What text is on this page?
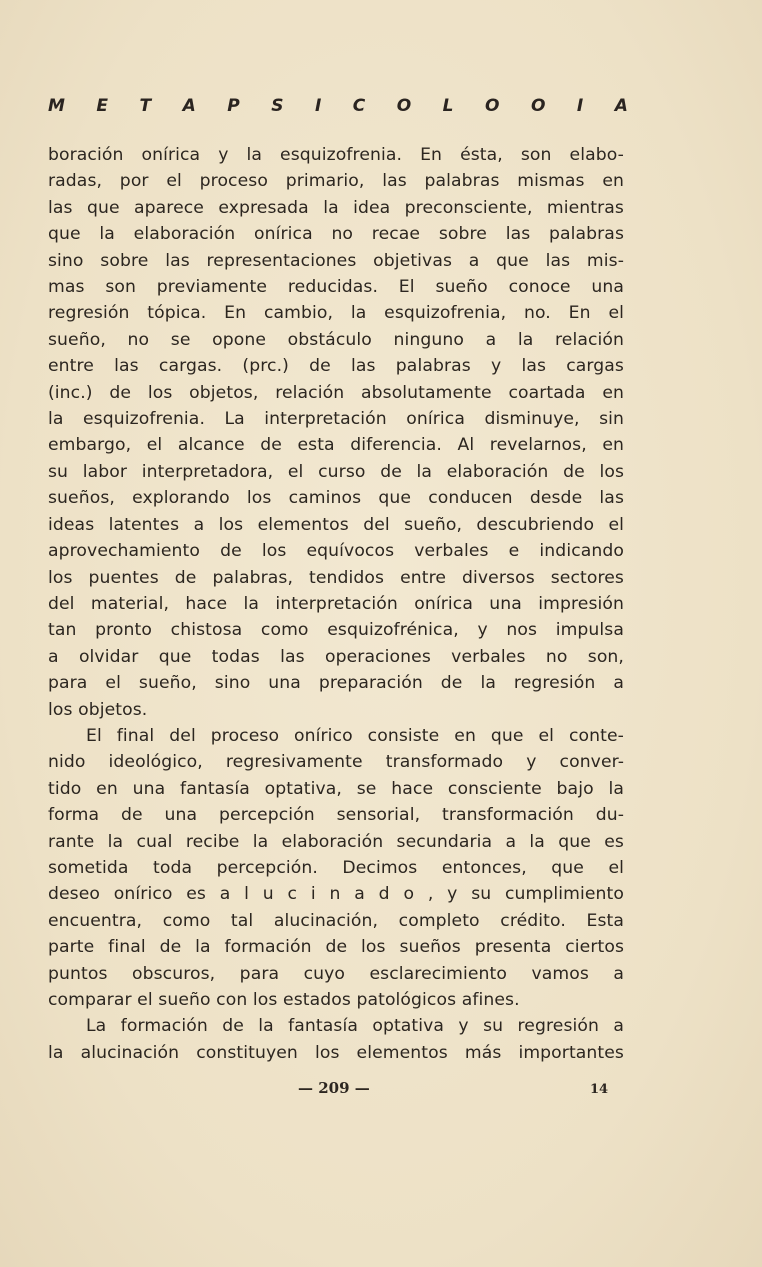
M E T A P S I C O L O O I A
boración onírica y la esquizofrenia. En ésta, son elabo-
radas, por el proceso primario, las palabras mismas en
las que aparece expresada la idea preconsciente, mientras
que la elaboración onírica no recae sobre las palabras
sino sobre las representaciones objetivas a que las mis-
mas son previamente reducidas. El sueño conoce una
regresión tópica. En cambio, la esquizofrenia, no. En el
sueño, no se opone obstáculo ninguno a la relación
entre las cargas. (prc.) de las palabras y las cargas
(inc.) de los objetos, relación absolutamente coartada en
la esquizofrenia. La interpretación onírica disminuye, sin
embargo, el alcance de esta diferencia. Al revelarnos, en
su labor interpretadora, el curso de la elaboración de los
sueños, explorando los caminos que conducen desde las
ideas latentes a los elementos del sueño, descubriendo el
aprovechamiento de los equívocos verbales e indicando
los puentes de palabras, tendidos entre diversos sectores
del material, hace la interpretación onírica una impresión
tan pronto chistosa como esquizofrénica, y nos impulsa
a olvidar que todas las operaciones verbales no son,
para el sueño, sino una preparación de la regresión a
los objetos.
El final del proceso onírico consiste en que el conte-
nido ideológico, regresivamente transformado y conver-
tido en una fantasía optativa, se hace consciente bajo la
forma de una percepción sensorial, transformación du-
rante la cual recibe la elaboración secundaria a la que es
sometida toda percepción. Decimos entonces, que el
deseo onírico es a l u c i n a d o , y su cumplimiento
encuentra, como tal alucinación, completo crédito. Esta
parte final de la formación de los sueños presenta ciertos
puntos obscuros, para cuyo esclarecimiento vamos a
comparar el sueño con los estados patológicos afines.
La formación de la fantasía optativa y su regresión a
la alucinación constituyen los elementos más importantes
— 209 —	14
